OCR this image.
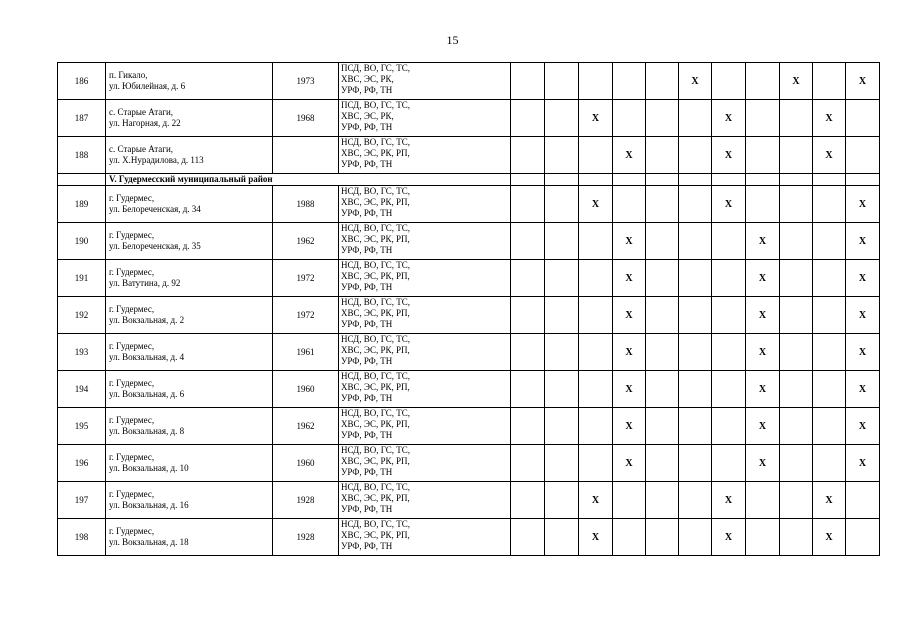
15
186	п. Гикало,
ул. Юбилейная, д. 6	1973	ПСД, ВО, ГС, ТС,
ХВС, ЭС, РК,
УРФ, РФ, ТН						Х			Х		Х
187	с. Старые Атаги,
ул. Нагорная, д. 22	1968	ПСД, ВО, ГС, ТС,
ХВС, ЭС, РК,
УРФ, РФ, ТН			Х				Х			Х	
188	с. Старые Атаги,
ул. Х.Нурадилова, д. 113		НСД, ВО, ГС, ТС,
ХВС, ЭС, РК, РП,
УРФ, РФ, ТН				Х			Х			Х	
	V. Гудермесский муниципальный район													
189	г. Гудермес,
ул. Белореченская, д. 34	1988	НСД, ВО, ГС, ТС,
ХВС, ЭС, РК, РП,
УРФ, РФ, ТН			Х				Х				Х
190	г. Гудермес,
ул. Белореченская, д. 35	1962	НСД, ВО, ГС, ТС,
ХВС, ЭС, РК, РП,
УРФ, РФ, ТН				Х				Х			Х
191	г. Гудермес,
ул. Ватутина, д. 92	1972	НСД, ВО, ГС, ТС,
ХВС, ЭС, РК, РП,
УРФ, РФ, ТН				Х				Х			Х
192	г. Гудермес,
ул. Вокзальная, д. 2	1972	НСД, ВО, ГС, ТС,
ХВС, ЭС, РК, РП,
УРФ, РФ, ТН				Х				Х			Х
193	г. Гудермес,
ул. Вокзальная, д. 4	1961	НСД, ВО, ГС, ТС,
ХВС, ЭС, РК, РП,
УРФ, РФ, ТН				Х				Х			Х
194	г. Гудермес,
ул. Вокзальная, д. 6	1960	НСД, ВО, ГС, ТС,
ХВС, ЭС, РК, РП,
УРФ, РФ, ТН				Х				Х			Х
195	г. Гудермес,
ул. Вокзальная, д. 8	1962	НСД, ВО, ГС, ТС,
ХВС, ЭС, РК, РП,
УРФ, РФ, ТН				Х				Х			Х
196	г. Гудермес,
ул. Вокзальная, д. 10	1960	НСД, ВО, ГС, ТС,
ХВС, ЭС, РК, РП,
УРФ, РФ, ТН				Х				Х			Х
197	г. Гудермес,
ул. Вокзальная, д. 16	1928	НСД, ВО, ГС, ТС,
ХВС, ЭС, РК, РП,
УРФ, РФ, ТН			Х				Х			Х	
198	г. Гудермес,
ул. Вокзальная, д. 18	1928	НСД, ВО, ГС, ТС,
ХВС, ЭС, РК, РП,
УРФ, РФ, ТН			Х				Х			Х	
